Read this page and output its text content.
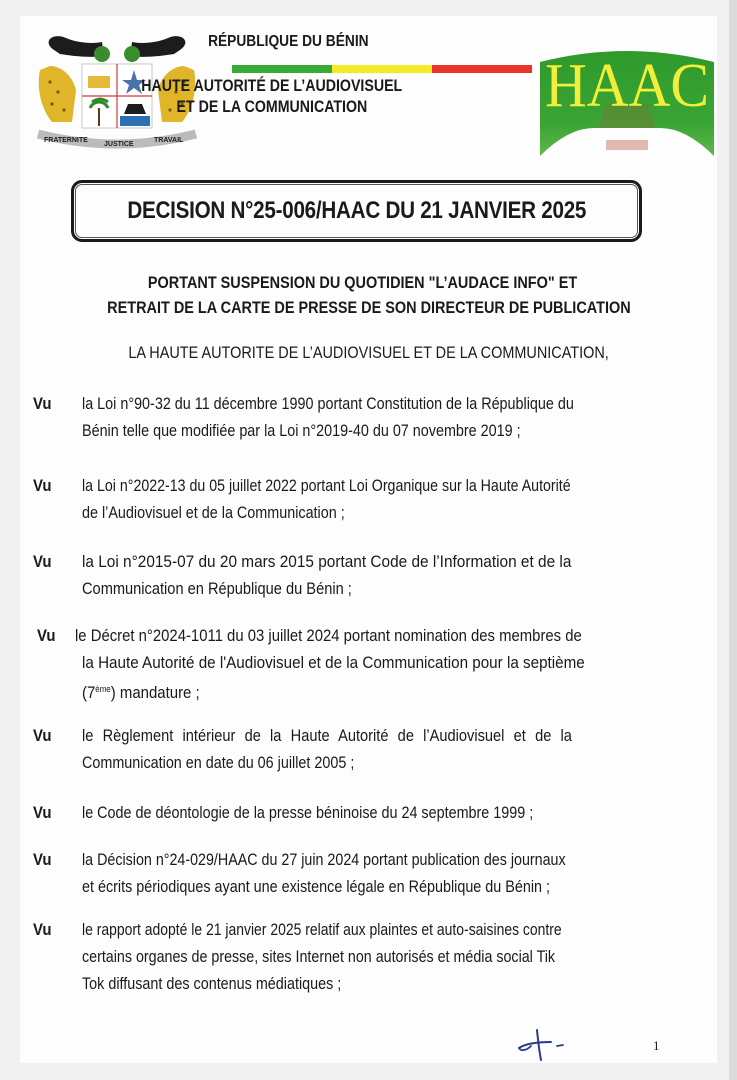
FRATERNITE
JUSTICE
TRAVAIL
RÉPUBLIQUE DU BÉNIN
HAUTE AUTORITÉ DE L’AUDIOVISUEL
ET DE LA COMMUNICATION	HAAC
DECISION N°25-006/HAAC DU 21 JANVIER 2025
PORTANT SUSPENSION DU QUOTIDIEN "L’AUDACE INFO" ET
RETRAIT DE LA CARTE DE PRESSE DE SON DIRECTEUR DE PUBLICATION
LA HAUTE AUTORITE DE L’AUDIOVISUEL ET DE LA COMMUNICATION,
Vu la Loi n°90-32 du 11 décembre 1990 portant Constitution de la République du
Bénin telle que modifiée par la Loi n°2019-40 du 07 novembre 2019 ;
Vu la Loi n°2022-13 du 05 juillet 2022 portant Loi Organique sur la Haute Autorité
de l’Audiovisuel et de la Communication ;
Vu la Loi n°2015-07 du 20 mars 2015 portant Code de l’Information et de la
Communication en République du Bénin ;
Vu le Décret n°2024-1011 du 03 juillet 2024 portant nomination des membres de
la Haute Autorité de l'Audiovisuel et de la Communication pour la septième
(7ème) mandature ;
Vu le Règlement intérieur de la Haute Autorité de l’Audiovisuel et de la
Communication en date du 06 juillet 2005 ;
Vu le Code de déontologie de la presse béninoise du 24 septembre 1999 ;
Vu la Décision n°24-029/HAAC du 27 juin 2024 portant publication des journaux
et écrits périodiques ayant une existence légale en République du Bénin ;
Vu le rapport adopté le 21 janvier 2025 relatif aux plaintes et auto-saisines contre
certains organes de presse, sites Internet non autorisés et média social Tik
Tok diffusant des contenus médiatiques ;
1
